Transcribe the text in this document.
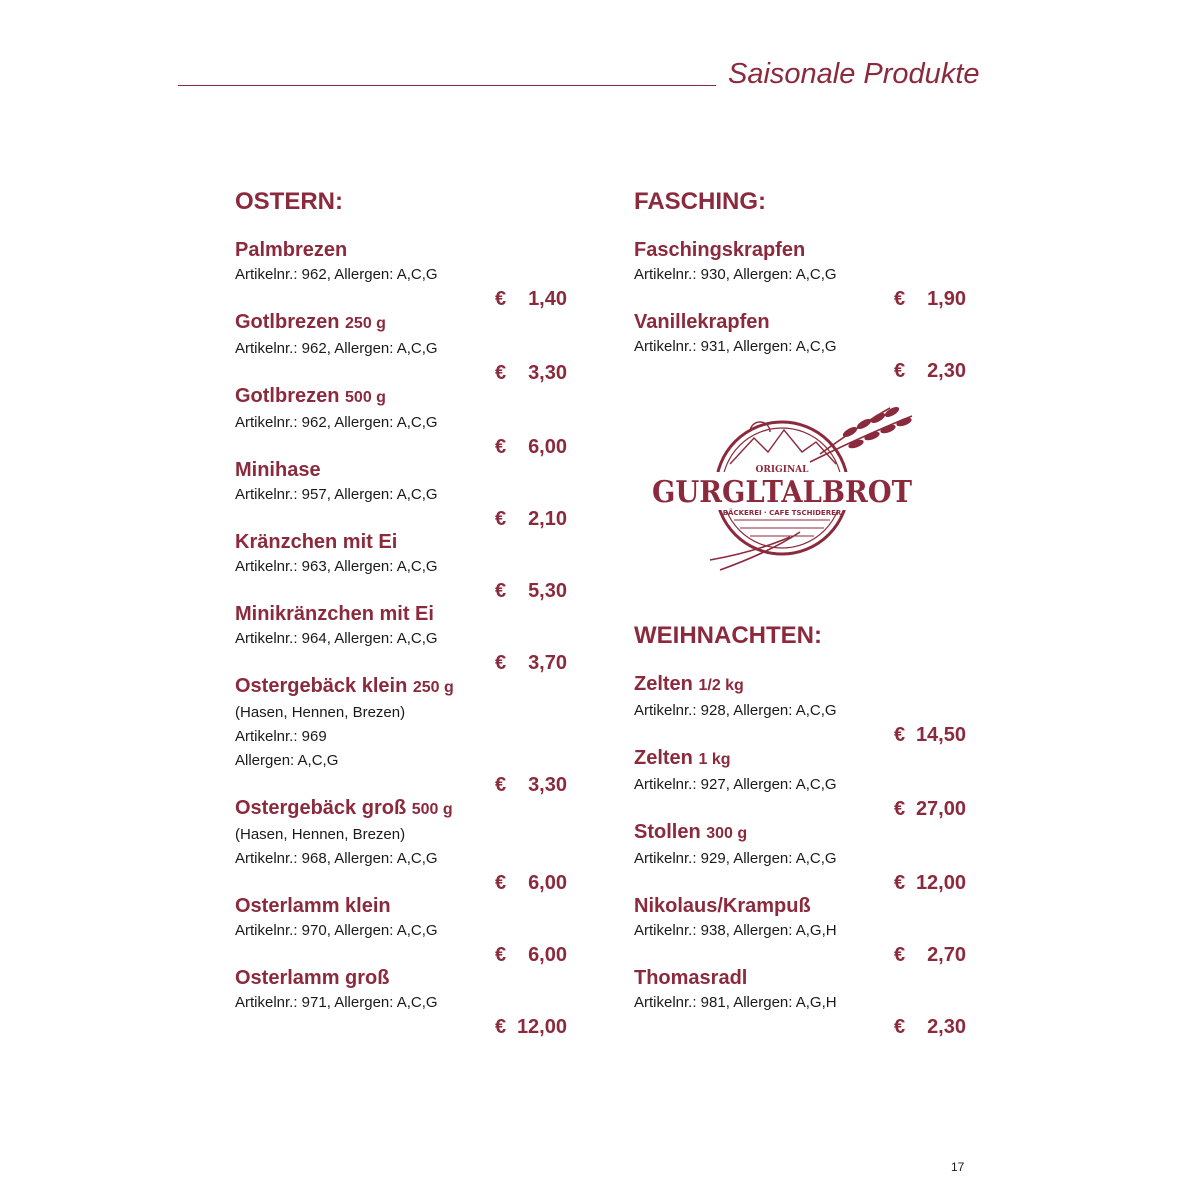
Saisonale Produkte
OSTERN:
Palmbrezen
Artikelnr.: 962, Allergen: A,C,G
€ 1,40
Gotlbrezen 250 g
Artikelnr.: 962, Allergen: A,C,G
€ 3,30
Gotlbrezen 500 g
Artikelnr.: 962, Allergen: A,C,G
€ 6,00
Minihase
Artikelnr.: 957, Allergen: A,C,G
€ 2,10
Kränzchen mit Ei
Artikelnr.: 963, Allergen: A,C,G
€ 5,30
Minikränzchen mit Ei
Artikelnr.: 964, Allergen: A,C,G
€ 3,70
Ostergebäck klein 250 g
(Hasen, Hennen, Brezen)
Artikelnr.: 969
Allergen: A,C,G
€ 3,30
Ostergebäck groß 500 g
(Hasen, Hennen, Brezen)
Artikelnr.: 968, Allergen: A,C,G
€ 6,00
Osterlamm klein
Artikelnr.: 970, Allergen: A,C,G
€ 6,00
Osterlamm groß
Artikelnr.: 971, Allergen: A,C,G
€ 12,00
FASCHING:
Faschingskrapfen
Artikelnr.: 930, Allergen: A,C,G
€ 1,90
Vanillekrapfen
Artikelnr.: 931, Allergen: A,C,G
€ 2,30
ORIGINAL
GURGLTALBROT
BÄCKEREI · CAFE TSCHIDERER
WEIHNACHTEN:
Zelten 1/2 kg
Artikelnr.: 928, Allergen: A,C,G
€ 14,50
Zelten 1 kg
Artikelnr.: 927, Allergen: A,C,G
€ 27,00
Stollen 300 g
Artikelnr.: 929, Allergen: A,C,G
€ 12,00
Nikolaus/Krampuß
Artikelnr.: 938, Allergen: A,G,H
€ 2,70
Thomasradl
Artikelnr.: 981, Allergen: A,G,H
€ 2,30
17
